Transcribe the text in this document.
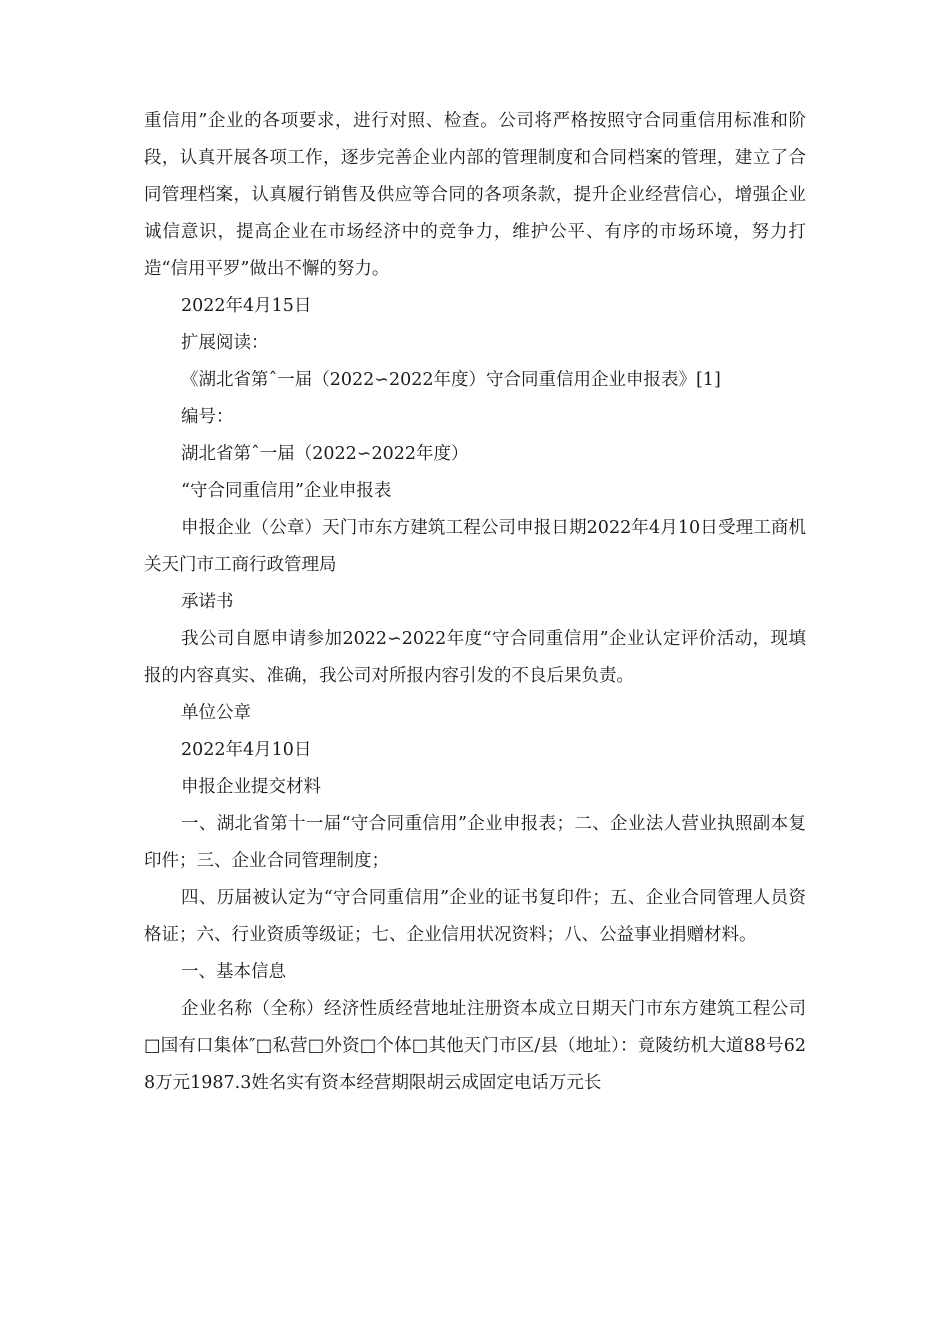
重信用”企业的各项要求，进行对照、检查。公司将严格按照守合同重信用标准和阶段，认真开展各项工作，逐步完善企业内部的管理制度和合同档案的管理，建立了合同管理档案，认真履行销售及供应等合同的各项条款，提升企业经营信心，增强企业诚信意识，提高企业在市场经济中的竞争力，维护公平、有序的市场环境，努力打造“信用平罗”做出不懈的努力。

2022年4月15日

扩展阅读：

《湖北省第ˆ一届（2022∽2022年度）守合同重信用企业申报表》[1]

编号：

湖北省第ˆ一届（2022∽2022年度）

“守合同重信用”企业申报表

申报企业（公章）天门市东方建筑工程公司申报日期2022年4月10日受理工商机关天门市工商行政管理局

承诺书

我公司自愿申请参加2022∽2022年度“守合同重信用”企业认定评价活动，现填报的内容真实、准确，我公司对所报内容引发的不良后果负责。

单位公章

2022年4月10日

申报企业提交材料

一、湖北省第十一届“守合同重信用”企业申报表；二、企业法人营业执照副本复印件；三、企业合同管理制度；

四、历届被认定为“守合同重信用”企业的证书复印件；五、企业合同管理人员资格证；六、行业资质等级证；七、企业信用状况资料；八、公益事业捐赠材料。

一、基本信息

企业名称（全称）经济性质经营地址注册资本成立日期天门市东方建筑工程公司□国有口集体″□私营□外资□个体□其他天门市区/县（地址）：竟陵纺机大道88号628万元1987.3姓名实有资本经营期限胡云成固定电话万元长
